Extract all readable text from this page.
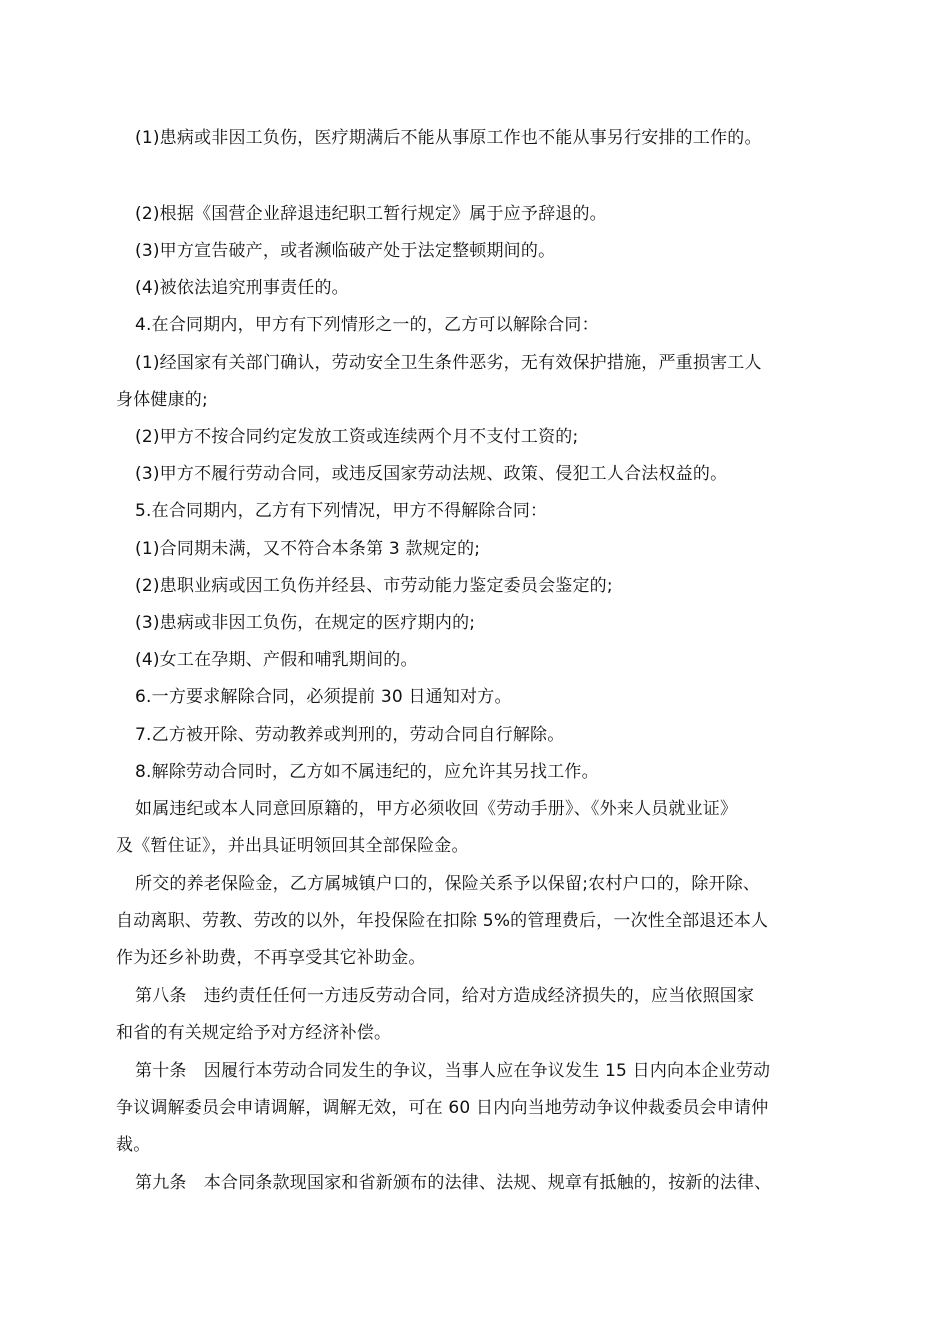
(1)患病或非因工负伤，医疗期满后不能从事原工作也不能从事另行安排的工作的。
(2)根据《国营企业辞退违纪职工暂行规定》属于应予辞退的。
(3)甲方宣告破产，或者濒临破产处于法定整顿期间的。
(4)被依法追究刑事责任的。
4.在合同期内，甲方有下列情形之一的，乙方可以解除合同：
(1)经国家有关部门确认，劳动安全卫生条件恶劣，无有效保护措施，严重损害工人
身体健康的;
(2)甲方不按合同约定发放工资或连续两个月不支付工资的;
(3)甲方不履行劳动合同，或违反国家劳动法规、政策、侵犯工人合法权益的。
5.在合同期内，乙方有下列情况，甲方不得解除合同：
(1)合同期未满，又不符合本条第 3 款规定的;
(2)患职业病或因工负伤并经县、市劳动能力鉴定委员会鉴定的;
(3)患病或非因工负伤，在规定的医疗期内的;
(4)女工在孕期、产假和哺乳期间的。
6.一方要求解除合同，必须提前 30 日通知对方。
7.乙方被开除、劳动教养或判刑的，劳动合同自行解除。
8.解除劳动合同时，乙方如不属违纪的，应允许其另找工作。
如属违纪或本人同意回原籍的，甲方必须收回《劳动手册》、《外来人员就业证》
及《暂住证》，并出具证明领回其全部保险金。
所交的养老保险金，乙方属城镇户口的，保险关系予以保留;农村户口的，除开除、
自动离职、劳教、劳改的以外，年投保险在扣除 5%的管理费后，一次性全部退还本人
作为还乡补助费，不再享受其它补助金。
第八条　违约责任任何一方违反劳动合同，给对方造成经济损失的，应当依照国家
和省的有关规定给予对方经济补偿。
第十条　因履行本劳动合同发生的争议，当事人应在争议发生 15 日内向本企业劳动
争议调解委员会申请调解，调解无效，可在 60 日内向当地劳动争议仲裁委员会申请仲
裁。
第九条　本合同条款现国家和省新颁布的法律、法规、规章有抵触的，按新的法律、
